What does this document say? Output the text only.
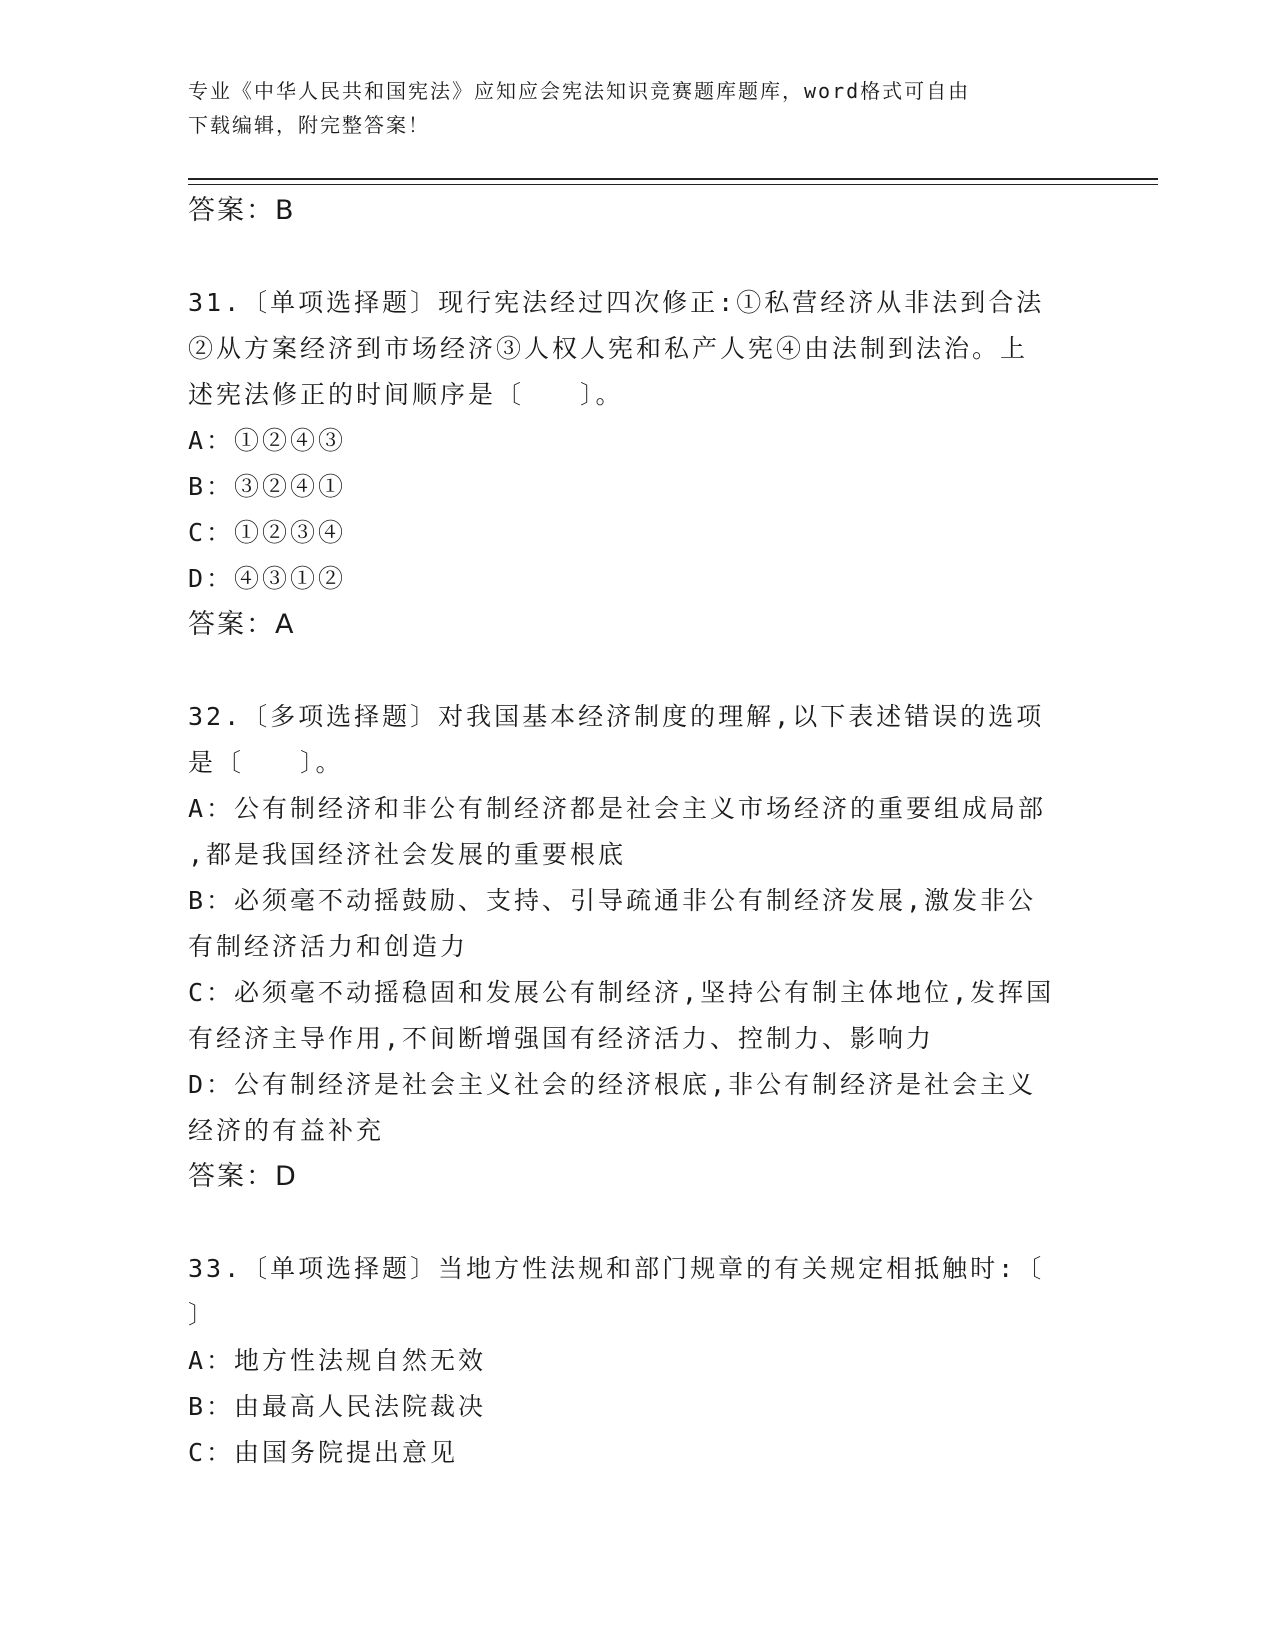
专业《中华人民共和国宪法》应知应会宪法知识竞赛题库题库，word格式可自由
下载编辑，附完整答案！
答案：B
31.〔单项选择题〕现行宪法经过四次修正:①私营经济从非法到合法
②从方案经济到市场经济③人权人宪和私产人宪④由法制到法治。上
述宪法修正的时间顺序是〔　　〕。
A：①②④③
B：③②④①
C：①②③④
D：④③①②
答案：A
32.〔多项选择题〕对我国基本经济制度的理解,以下表述错误的选项
是〔　　〕。
A：公有制经济和非公有制经济都是社会主义市场经济的重要组成局部
,都是我国经济社会发展的重要根底
B：必须毫不动摇鼓励、支持、引导疏通非公有制经济发展,激发非公
有制经济活力和创造力
C：必须毫不动摇稳固和发展公有制经济,坚持公有制主体地位,发挥国
有经济主导作用,不间断增强国有经济活力、控制力、影响力
D：公有制经济是社会主义社会的经济根底,非公有制经济是社会主义
经济的有益补充
答案：D
33.〔单项选择题〕当地方性法规和部门规章的有关规定相抵触时:〔
〕
A：地方性法规自然无效
B：由最高人民法院裁决
C：由国务院提出意见
